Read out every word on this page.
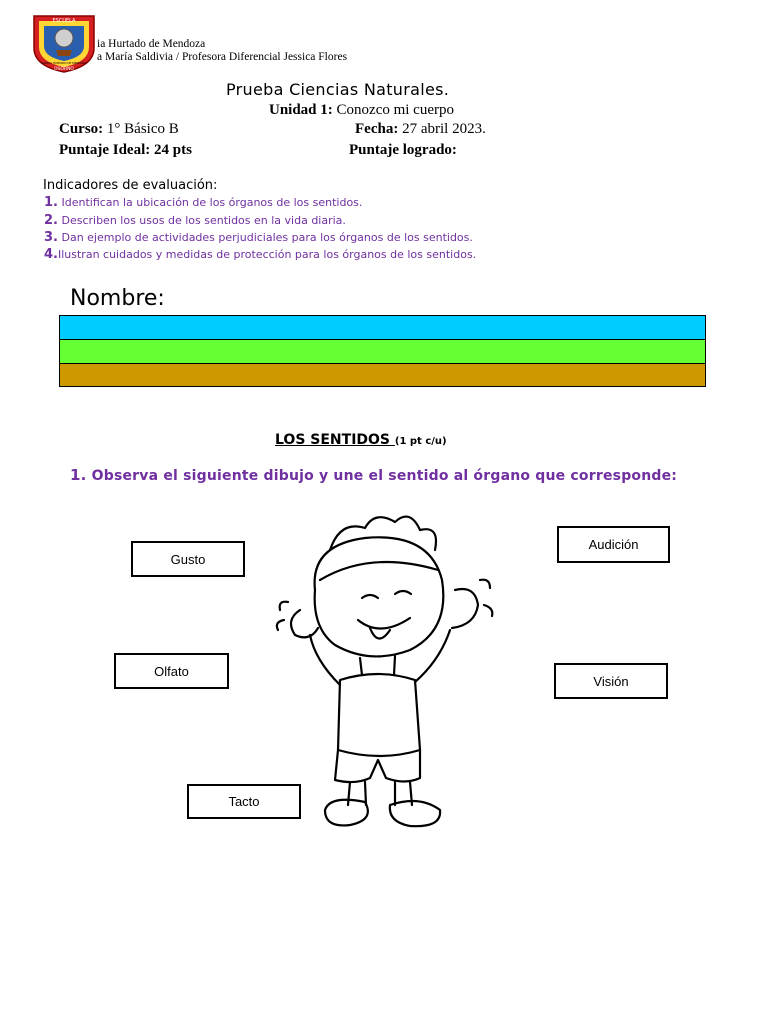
ESCUELA
OSORNO
GARCIA HURTADO DE MENDOZA
ia Hurtado de Mendoza
a María Saldivia / Profesora Diferencial Jessica Flores
Prueba Ciencias Naturales.
Unidad 1: Conozco mi cuerpo
Curso: 1° Básico B	Fecha: 27 abril 2023.
Puntaje Ideal: 24 pts	Puntaje logrado:
Indicadores de evaluación:
1. Identifican la ubicación de los órganos de los sentidos.
2. Describen los usos de los sentidos en la vida diaria.
3. Dan ejemplo de actividades perjudiciales para los órganos de los sentidos.
4.Ilustran cuidados y medidas de protección para los órganos de los sentidos.
Nombre:
LOS SENTIDOS (1 pt c/u)
1. Observa el siguiente dibujo y une el sentido al órgano que corresponde:
Gusto
Olfato
Tacto
Audición
Visión
